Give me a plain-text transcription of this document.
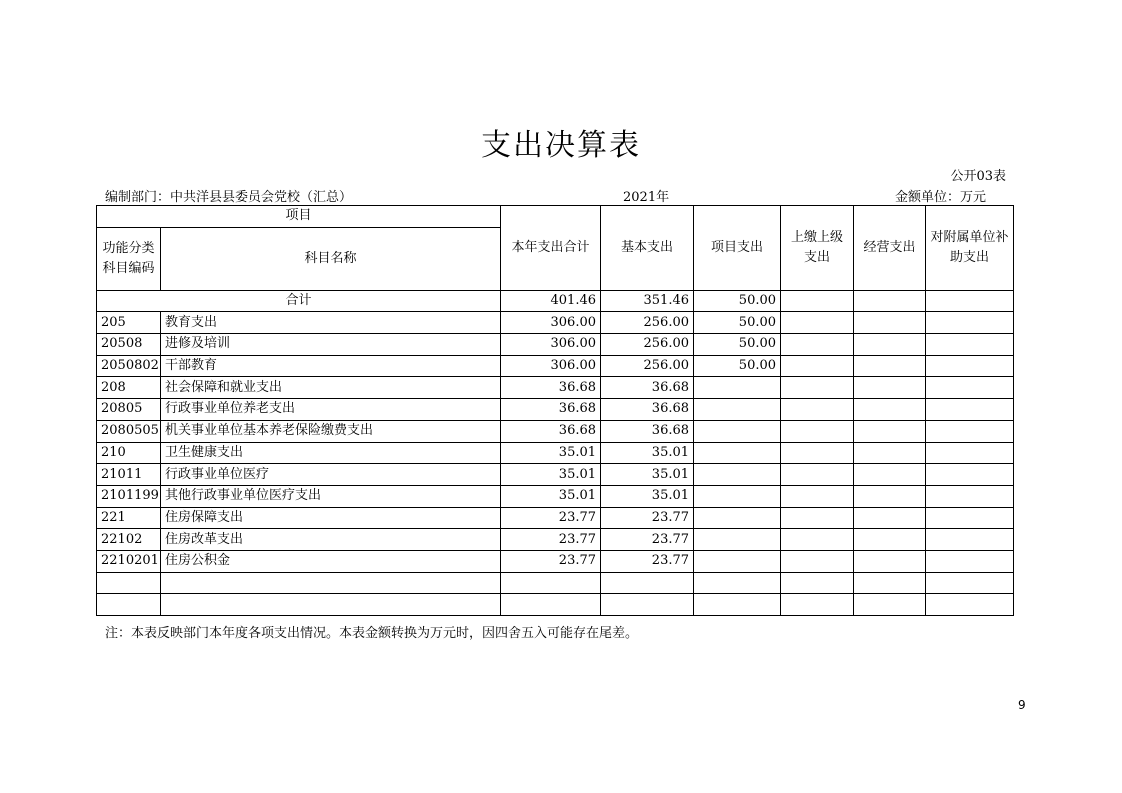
支出决算表
公开03表
编制部门：中共洋县县委员会党校（汇总）	2021年	金额单位：万元
项目		本年支出合计	基本支出	项目支出	上缴上级支出	经营支出	对附属单位补助支出
功能分类科目编码	科目名称						
合计		401.46	351.46	50.00			
205	教育支出	306.00	256.00	50.00			
20508	进修及培训	306.00	256.00	50.00			
2050802	干部教育	306.00	256.00	50.00			
208	社会保障和就业支出	36.68	36.68				
20805	行政事业单位养老支出	36.68	36.68				
2080505	机关事业单位基本养老保险缴费支出	36.68	36.68				
210	卫生健康支出	35.01	35.01				
21011	行政事业单位医疗	35.01	35.01				
2101199	其他行政事业单位医疗支出	35.01	35.01				
221	住房保障支出	23.77	23.77				
22102	住房改革支出	23.77	23.77				
2210201	住房公积金	23.77	23.77				

注：本表反映部门本年度各项支出情况。本表金额转换为万元时，因四舍五入可能存在尾差。
9
